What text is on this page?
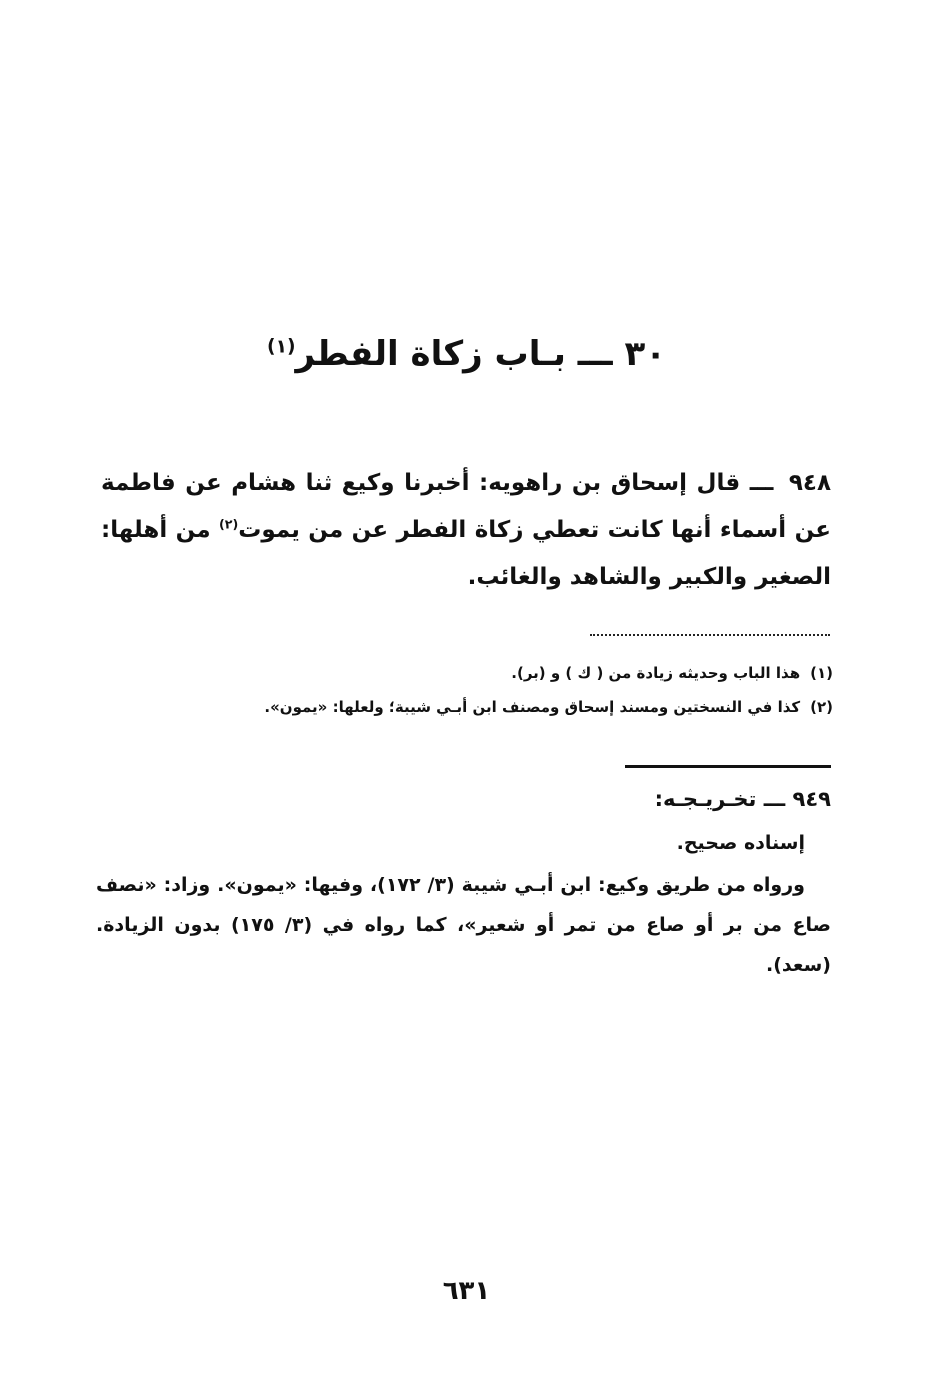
٣٠ ـــ بـاب زكاة الفطر$^{(١)}$

٩٤٨ ـــ قال إسحاق بن راهويه: أخبرنا وكيع ثنا هشام عن فاطمة عن أسماء أنها كانت تعطي زكاة الفطر عن من يموت$^{(٢)}$ من أهلها: الصغير والكبير والشاهد والغائب.

(١)هذا الباب وحديثه زيادة من ( ك ) و (بر).
(٢)كذا في النسختين ومسند إسحاق ومصنف ابن أبـي شيبة؛ ولعلها: «يمون».
٩٤٩ ـــ تخـريـجـه:

إسناده صحيح.

ورواه من طريق وكيع: ابن أبـي شيبة (٣/ ١٧٢)، وفيها: «يمون». وزاد: «نصف صاع من بر أو صاع من تمر أو شعير»، كما رواه في (٣/ ١٧٥) بدون الزيادة. (سعد).

٦٣١
